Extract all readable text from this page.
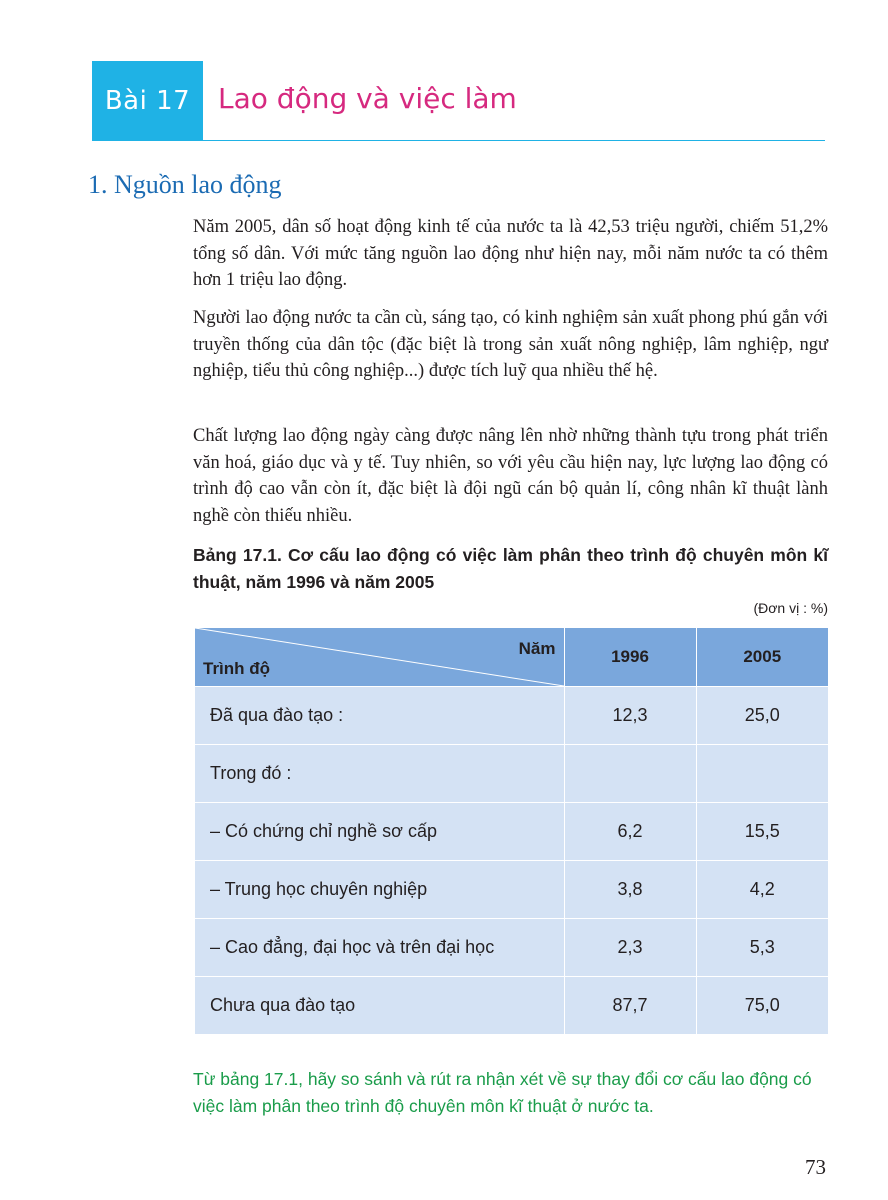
Bài 17 Lao động và việc làm
1. Nguồn lao động

Năm 2005, dân số hoạt động kinh tế của nước ta là 42,53 triệu người, chiếm 51,2% tổng số dân. Với mức tăng nguồn lao động như hiện nay, mỗi năm nước ta có thêm hơn 1 triệu lao động.

Người lao động nước ta cần cù, sáng tạo, có kinh nghiệm sản xuất phong phú gắn với truyền thống của dân tộc (đặc biệt là trong sản xuất nông nghiệp, lâm nghiệp, ngư nghiệp, tiểu thủ công nghiệp...) được tích luỹ qua nhiều thế hệ.

Chất lượng lao động ngày càng được nâng lên nhờ những thành tựu trong phát triển văn hoá, giáo dục và y tế. Tuy nhiên, so với yêu cầu hiện nay, lực lượng lao động có trình độ cao vẫn còn ít, đặc biệt là đội ngũ cán bộ quản lí, công nhân kĩ thuật lành nghề còn thiếu nhiều.

Bảng 17.1. Cơ cấu lao động có việc làm phân theo trình độ chuyên môn kĩ thuật, năm 1996 và năm 2005

(Đơn vị : %)
Năm
Trình độ	1996	2005
Đã qua đào tạo :	12,3	25,0
Trong đó :		
– Có chứng chỉ nghề sơ cấp	6,2	15,5
– Trung học chuyên nghiệp	3,8	4,2
– Cao đẳng, đại học và trên đại học	2,3	5,3
Chưa qua đào tạo	87,7	75,0

Từ bảng 17.1, hãy so sánh và rút ra nhận xét về sự thay đổi cơ cấu lao động có việc làm phân theo trình độ chuyên môn kĩ thuật ở nước ta.

73
